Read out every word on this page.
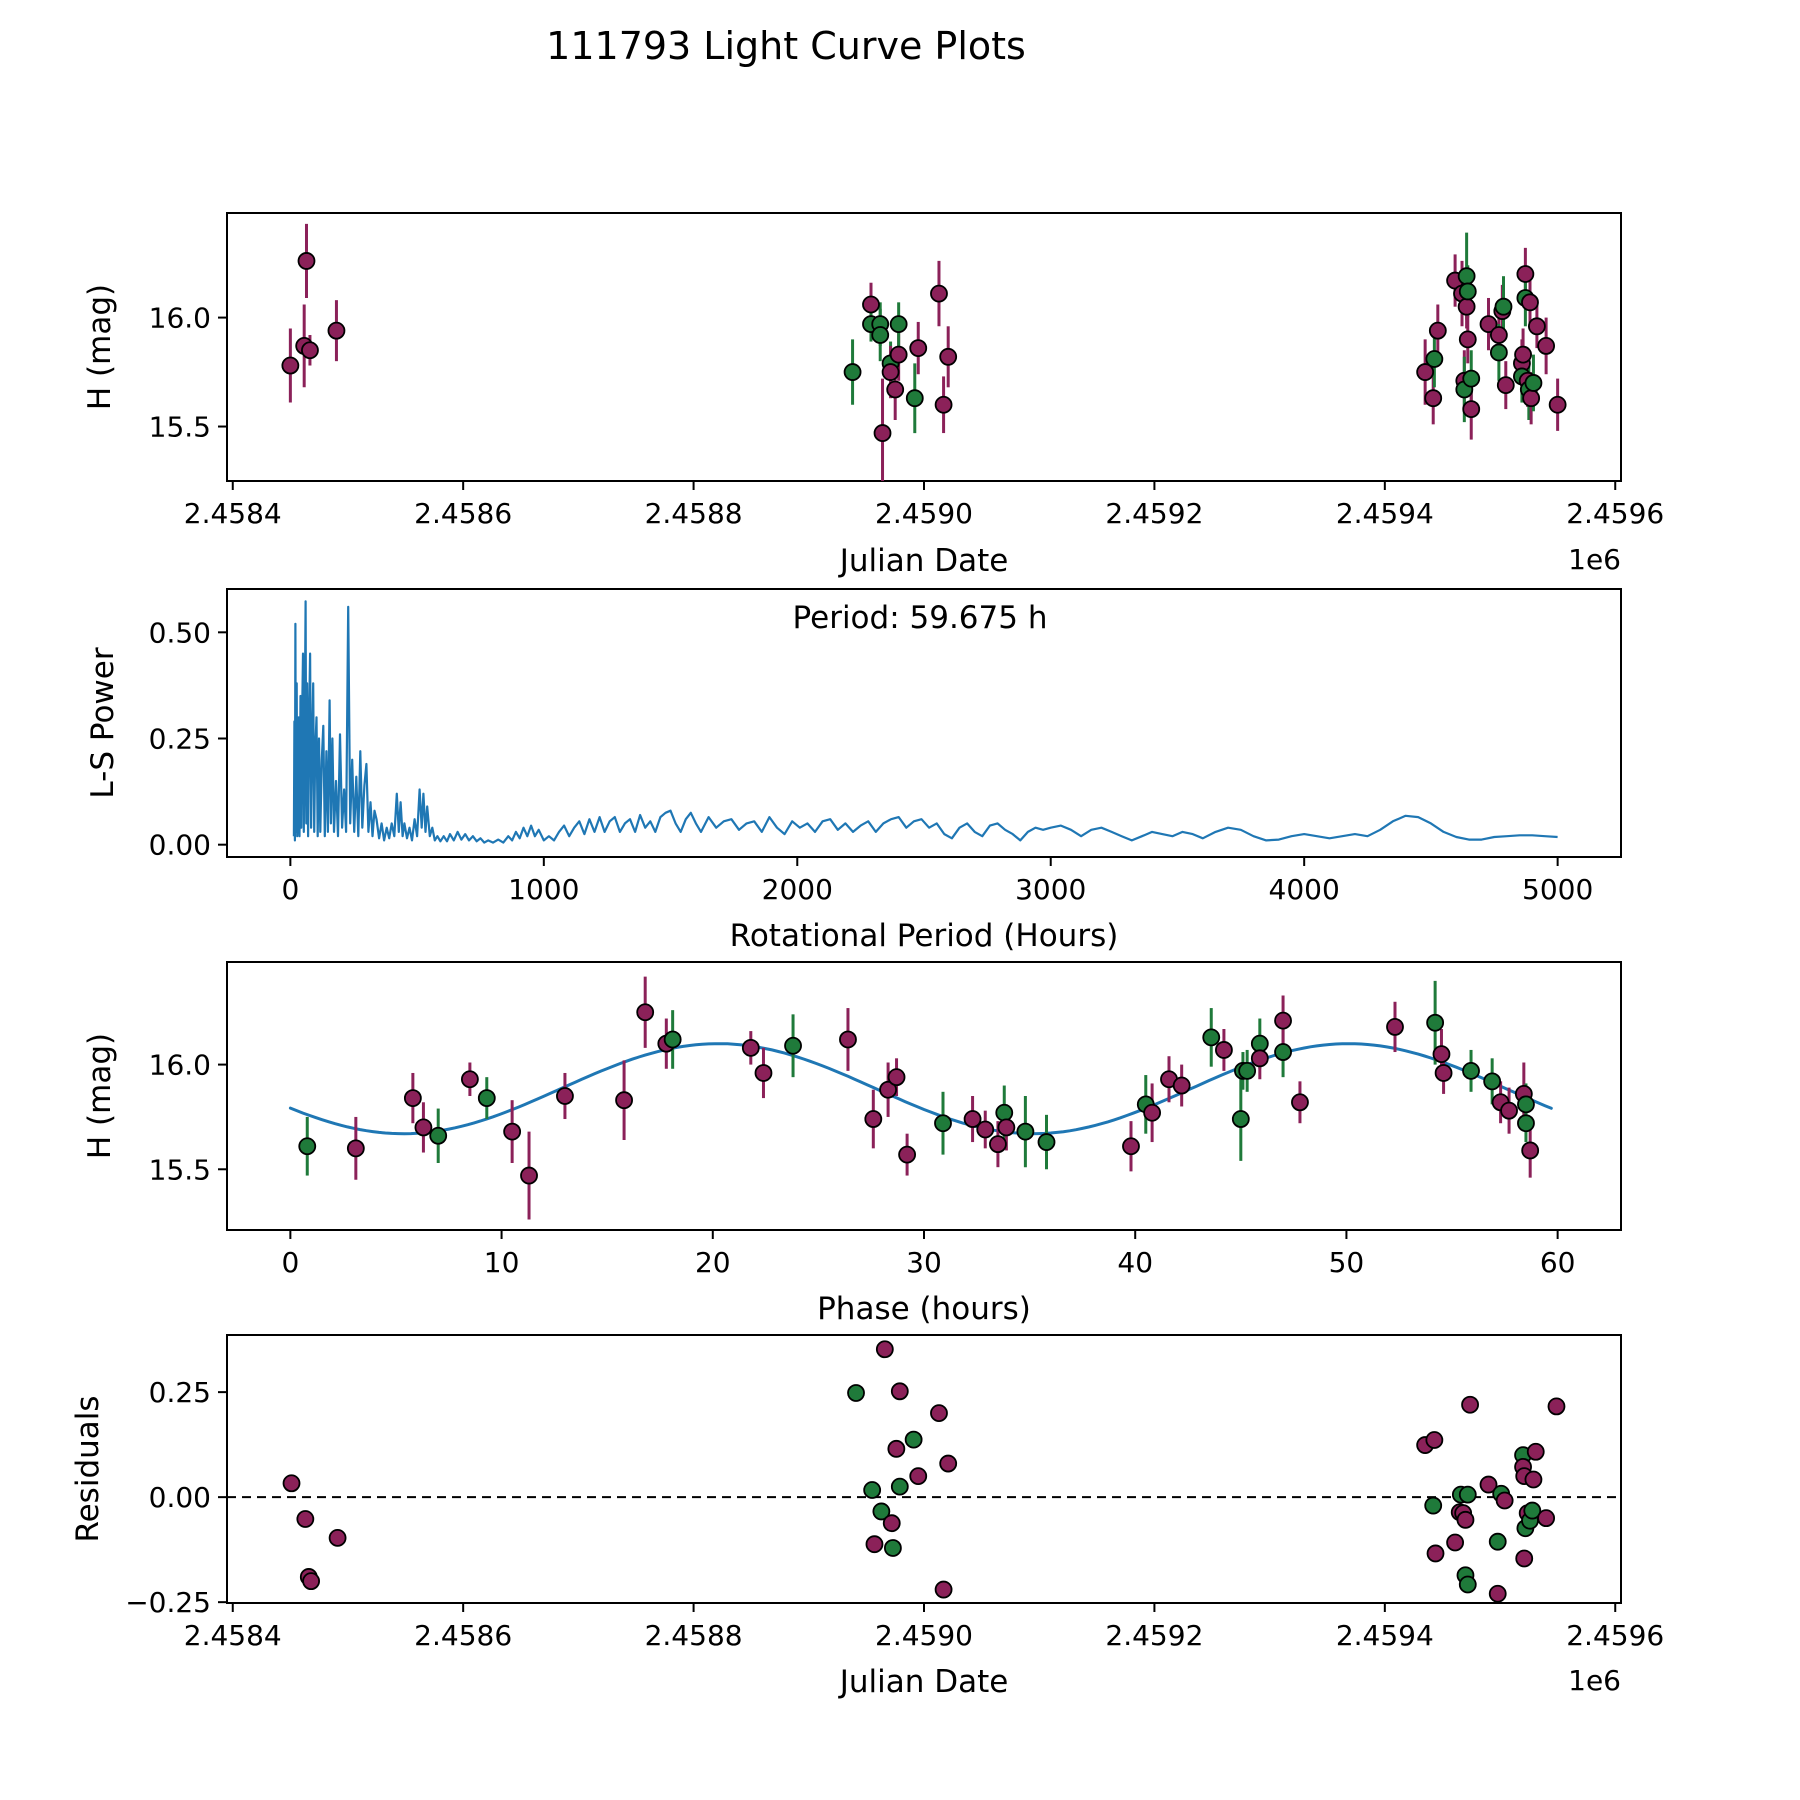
111793 Light Curve Plots
2.4584	2.4586	2.4588	2.4590	2.4592	2.4594	2.4596
15.5
16.0
0	1000	2000	3000	4000	5000
0.00
0.25
0.50
0	10	20	30	40	50	60
15.5
16.0
2.4584	2.4586	2.4588	2.4590	2.4592	2.4594	2.4596
−0.25
0.00
0.25
Julian Date
Rotational Period (Hours)
Phase (hours)
Julian Date
H (mag)
L-S Power
H (mag)
Residuals
1e6
1e6
Period: 59.675 h
